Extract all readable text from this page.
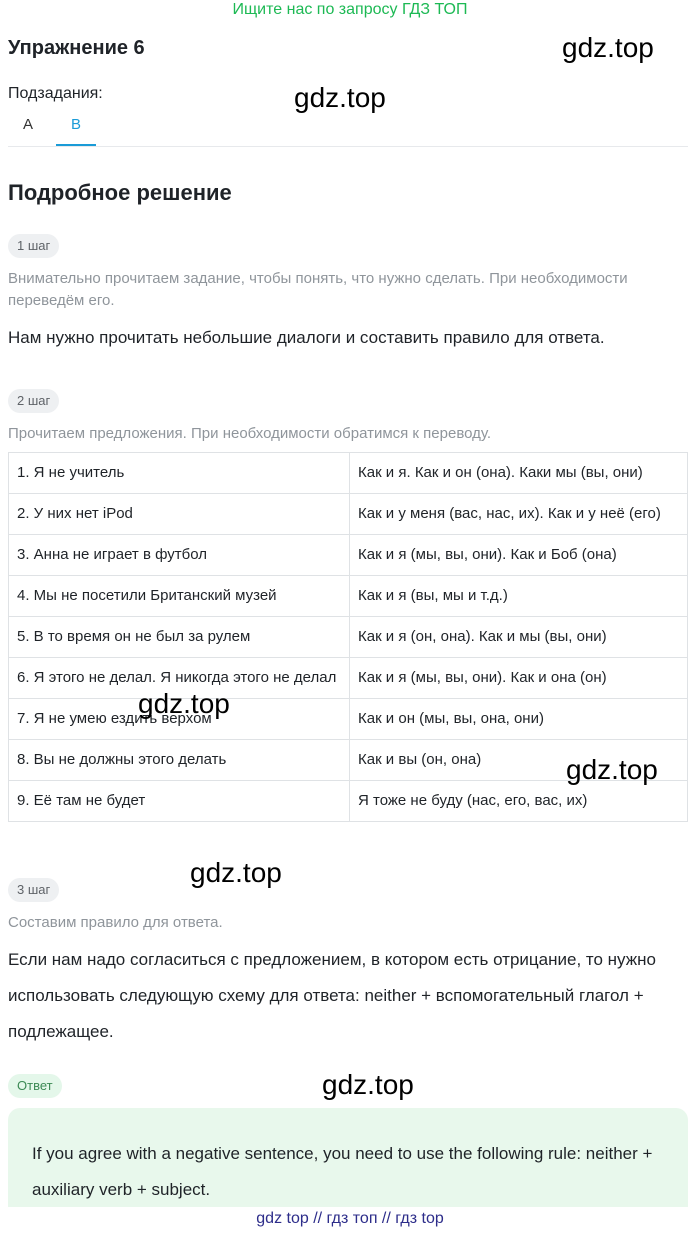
Ищите нас по запросу ГДЗ ТОП
Упражнение 6	gdz.top
Подзадания:	gdz.top
A	B
Подробное решение
1 шаг
Внимательно прочитаем задание, чтобы понять, что нужно сделать. При необходимости переведём его.
Нам нужно прочитать небольшие диалоги и составить правило для ответа.
2 шаг
Прочитаем предложения. При необходимости обратимся к переводу.
1. Я не учитель	Как и я. Как и он (она). Каки мы (вы, они)
2. У них нет iPod	Как и у меня (вас, нас, их). Как и у неё (его)
3. Анна не играет в футбол	Как и я (мы, вы, они). Как и Боб (она)
4. Мы не посетили Британский музей	Как и я (вы, мы и т.д.)
5. В то время он не был за рулем	Как и я (он, она). Как и мы (вы, они)
6. Я этого не делал. Я никогда этого не делал	Как и я (мы, вы, они). Как и она (он)
7. Я не умею ездить верхом	Как и он (мы, вы, она, они)
8. Вы не должны этого делать	Как и вы (он, она)
9. Её там не будет	Я тоже не буду (нас, его, вас, их)
gdz.top
gdz.top
gdz.top
3 шаг
Составим правило для ответа.
Если нам надо согласиться с предложением, в котором есть отрицание, то нужно использовать следующую схему для ответа: neither + вспомогательный глагол + подлежащее.
Ответ	gdz.top
If you agree with a negative sentence, you need to use the following rule: neither + auxiliary verb + subject.
gdz top // гдз топ // гдз top
